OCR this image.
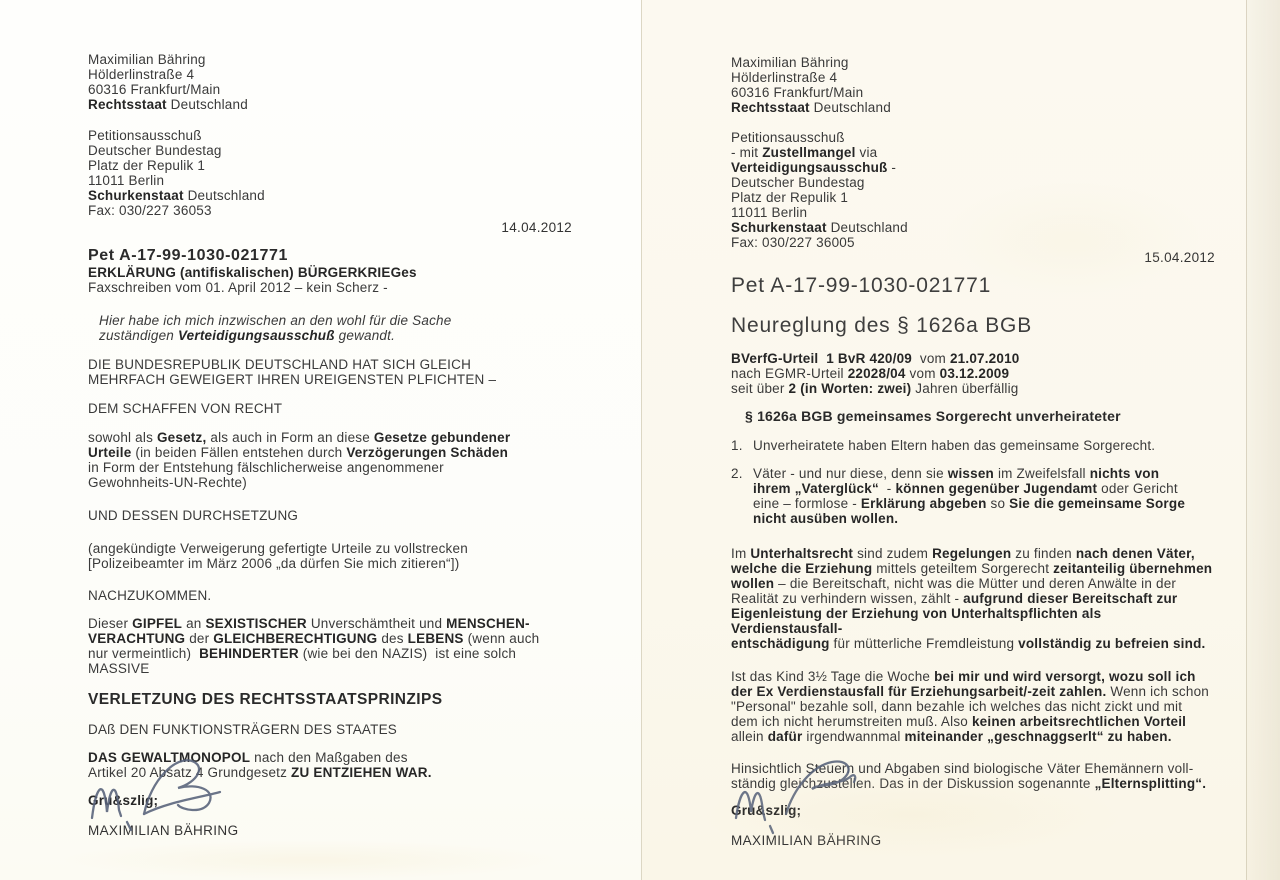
Maximilian Bähring
Hölderlinstraße 4
60316 Frankfurt/Main
Rechtsstaat Deutschland
Petitionsausschuß
Deutscher Bundestag
Platz der Repulik 1
11011 Berlin
Schurkenstaat Deutschland
Fax: 030/227 36053
14.04.2012
Pet A-17-99-1030-021771
ERKLÄRUNG (antifiskalischen) BÜRGERKRIEGes
Faxschreiben vom 01. April 2012 – kein Scherz -
Hier habe ich mich inzwischen an den wohl für die Sache
zuständigen Verteidigungsausschuß gewandt.
DIE BUNDESREPUBLIK DEUTSCHLAND HAT SICH GLEICH
MEHRFACH GEWEIGERT IHREN UREIGENSTEN PLFICHTEN –
DEM SCHAFFEN VON RECHT
sowohl als Gesetz, als auch in Form an diese Gesetze gebundener
Urteile (in beiden Fällen entstehen durch Verzögerungen Schäden
in Form der Entstehung fälschlicherweise angenommener
Gewohnheits-UN-Rechte)
UND DESSEN DURCHSETZUNG
(angekündigte Verweigerung gefertigte Urteile zu vollstrecken
[Polizeibeamter im März 2006 „da dürfen Sie mich zitieren“])
NACHZUKOMMEN.
Dieser GIPFEL an SEXISTISCHER Unverschämtheit und MENSCHEN-
VERACHTUNG der GLEICHBERECHTIGUNG des LEBENS (wenn auch
nur vermeintlich)  BEHINDERTER (wie bei den NAZIS)  ist eine solch
MASSIVE
VERLETZUNG DES RECHTSSTAATSPRINZIPS
DAß DEN FUNKTIONSTRÄGERN DES STAATES
DAS GEWALTMONOPOL nach den Maßgaben des
Artikel 20 Absatz 4 Grundgesetz ZU ENTZIEHEN WAR.
Gru&szlig;
MAXIMILIAN BÄHRING
Maximilian Bähring
Hölderlinstraße 4
60316 Frankfurt/Main
Rechtsstaat Deutschland
Petitionsausschuß
- mit Zustellmangel via
Verteidigungsausschuß -
Deutscher Bundestag
Platz der Repulik 1
11011 Berlin
Schurkenstaat Deutschland
Fax: 030/227 36005
15.04.2012
Pet A-17-99-1030-021771
Neureglung des § 1626a BGB
BVerfG-Urteil  1 BvR 420/09  vom 21.07.2010
nach EGMR-Urteil 22028/04 vom 03.12.2009
seit über 2 (in Worten: zwei) Jahren überfällig
§ 1626a BGB gemeinsames Sorgerecht unverheirateter
1. Unverheiratete haben Eltern haben das gemeinsame Sorgerecht.
2. Väter - und nur diese, denn sie wissen im Zweifelsfall nichts von
ihrem „Vaterglück“  - können gegenüber Jugendamt oder Gericht
eine – formlose - Erklärung abgeben so Sie die gemeinsame Sorge
nicht ausüben wollen.
Im Unterhaltsrecht sind zudem Regelungen zu finden nach denen Väter,
welche die Erziehung mittels geteiltem Sorgerecht zeitanteilig übernehmen
wollen – die Bereitschaft, nicht was die Mütter und deren Anwälte in der
Realität zu verhindern wissen, zählt - aufgrund dieser Bereitschaft zur
Eigenleistung der Erziehung von Unterhaltspflichten als Verdienstausfall-
entschädigung für mütterliche Fremdleistung vollständig zu befreien sind.
Ist das Kind 3½ Tage die Woche bei mir und wird versorgt, wozu soll ich
der Ex Verdienstausfall für Erziehungsarbeit/-zeit zahlen. Wenn ich schon
"Personal" bezahle soll, dann bezahle ich welches das nicht zickt und mit
dem ich nicht herumstreiten muß. Also keinen arbeitsrechtlichen Vorteil
allein dafür irgendwannmal miteinander „geschnaggserlt“ zu haben.
Hinsichtlich Steuern und Abgaben sind biologische Väter Ehemännern voll-
ständig gleichzustellen. Das in der Diskussion sogenannte „Elternsplitting“.
Gru&szlig;
MAXIMILIAN BÄHRING
